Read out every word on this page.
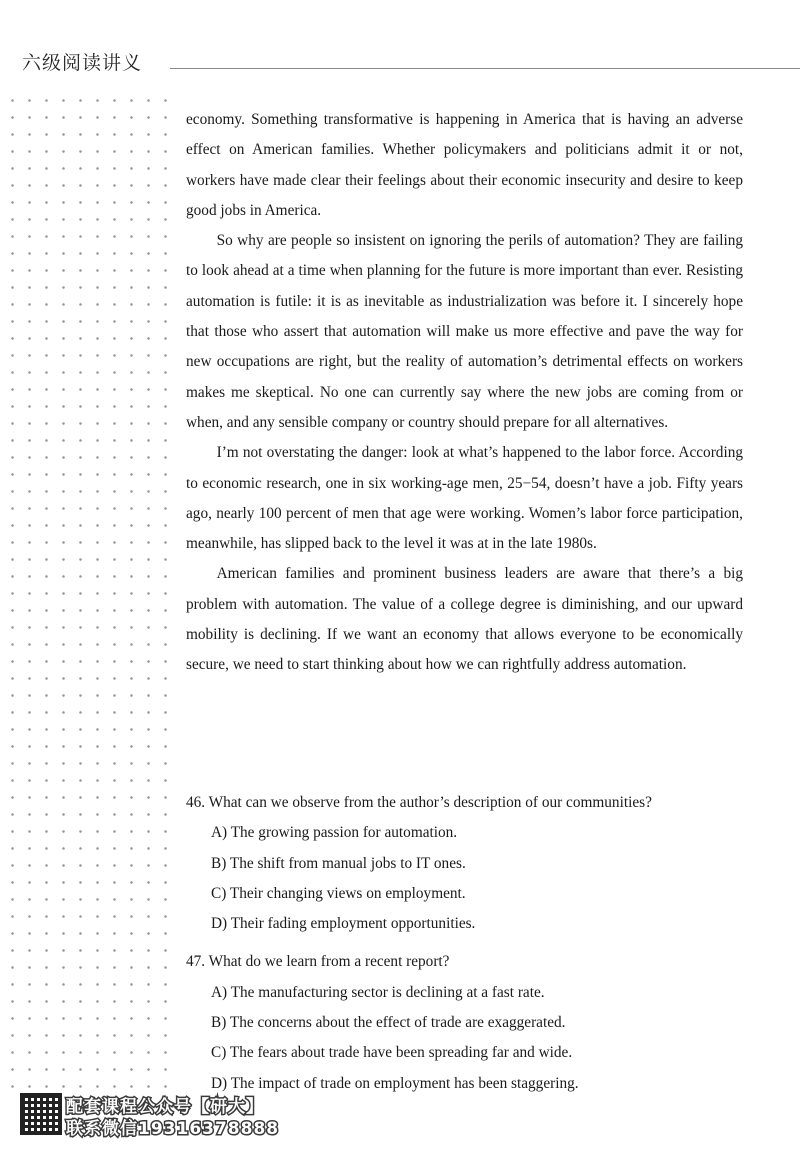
六级阅读讲义

economy. Something transformative is happening in America that is having an adverse effect on American families. Whether policymakers and politicians admit it or not, workers have made clear their feelings about their economic insecurity and desire to keep good jobs in America.

So why are people so insistent on ignoring the perils of automation? They are failing to look ahead at a time when planning for the future is more important than ever. Resisting automation is futile: it is as inevitable as industrialization was before it. I sincerely hope that those who assert that automation will make us more effective and pave the way for new occupations are right, but the reality of automation’s detrimental effects on workers makes me skeptical. No one can currently say where the new jobs are coming from or when, and any sensible company or country should prepare for all alternatives.

I’m not overstating the danger: look at what’s happened to the labor force. According to economic research, one in six working-age men, 25−54, doesn’t have a job. Fifty years ago, nearly 100 percent of men that age were working. Women’s labor force participation, meanwhile, has slipped back to the level it was at in the late 1980s.

American families and prominent business leaders are aware that there’s a big problem with automation. The value of a college degree is diminishing, and our upward mobility is declining. If we want an economy that allows everyone to be economically secure, we need to start thinking about how we can rightfully address automation.

46. What can we observe from the author’s description of our communities?

A) The growing passion for automation.
B) The shift from manual jobs to IT ones.
C) Their changing views on employment.
D) Their fading employment opportunities.

47. What do we learn from a recent report?

A) The manufacturing sector is declining at a fast rate.
B) The concerns about the effect of trade are exaggerated.
C) The fears about trade have been spreading far and wide.
D) The impact of trade on employment has been staggering.
配套课程公众号【研大】
联系微信19316378888
